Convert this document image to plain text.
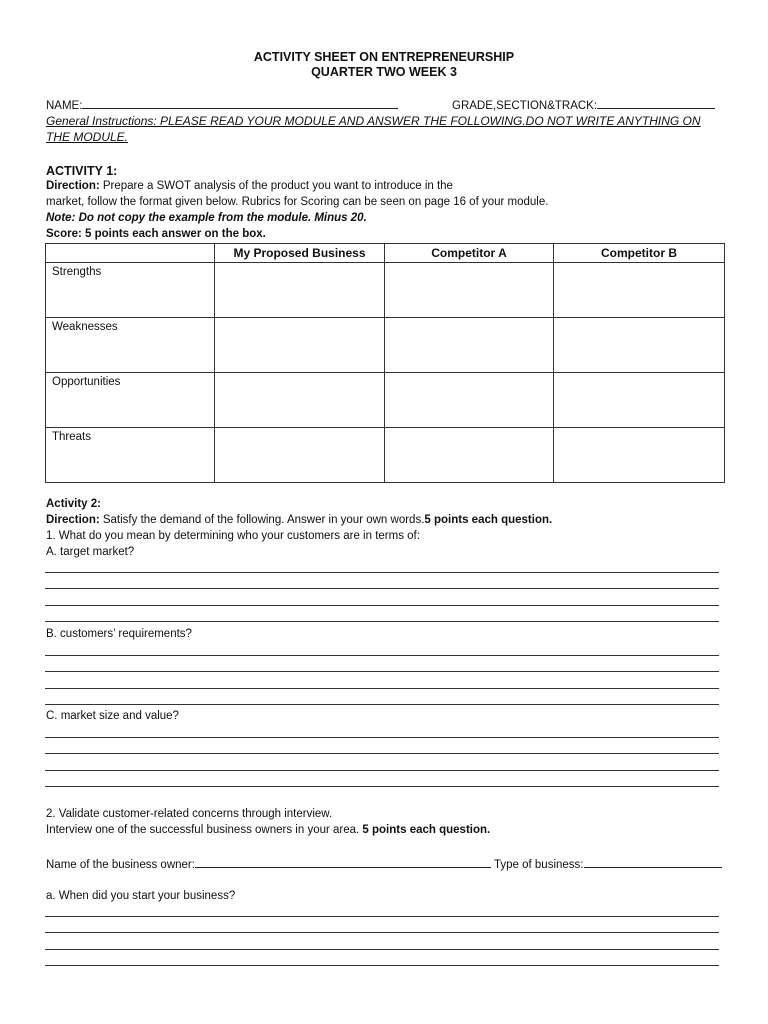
ACTIVITY SHEET ON ENTREPRENEURSHIP
QUARTER TWO WEEK 3
NAME:	GRADE,SECTION&TRACK:
General Instructions: PLEASE READ YOUR MODULE AND ANSWER THE FOLLOWING.DO NOT WRITE ANYTHING ON THE MODULE.
ACTIVITY 1:
Direction: Prepare a SWOT analysis of the product you want to introduce in the
market, follow the format given below. Rubrics for Scoring can be seen on page 16 of your module.
Note: Do not copy the example from the module. Minus 20.
Score: 5 points each answer on the box.
	My Proposed Business	Competitor A	Competitor B
Strengths			
Weaknesses			
Opportunities			
Threats			
Activity 2:
Direction: Satisfy the demand of the following. Answer in your own words.5 points each question.
1. What do you mean by determining who your customers are in terms of:
A. target market?
B. customers’ requirements?
C. market size and value?
2. Validate customer-related concerns through interview.
Interview one of the successful business owners in your area. 5 points each question.
Name of the business owner:	Type of business:
a. When did you start your business?
